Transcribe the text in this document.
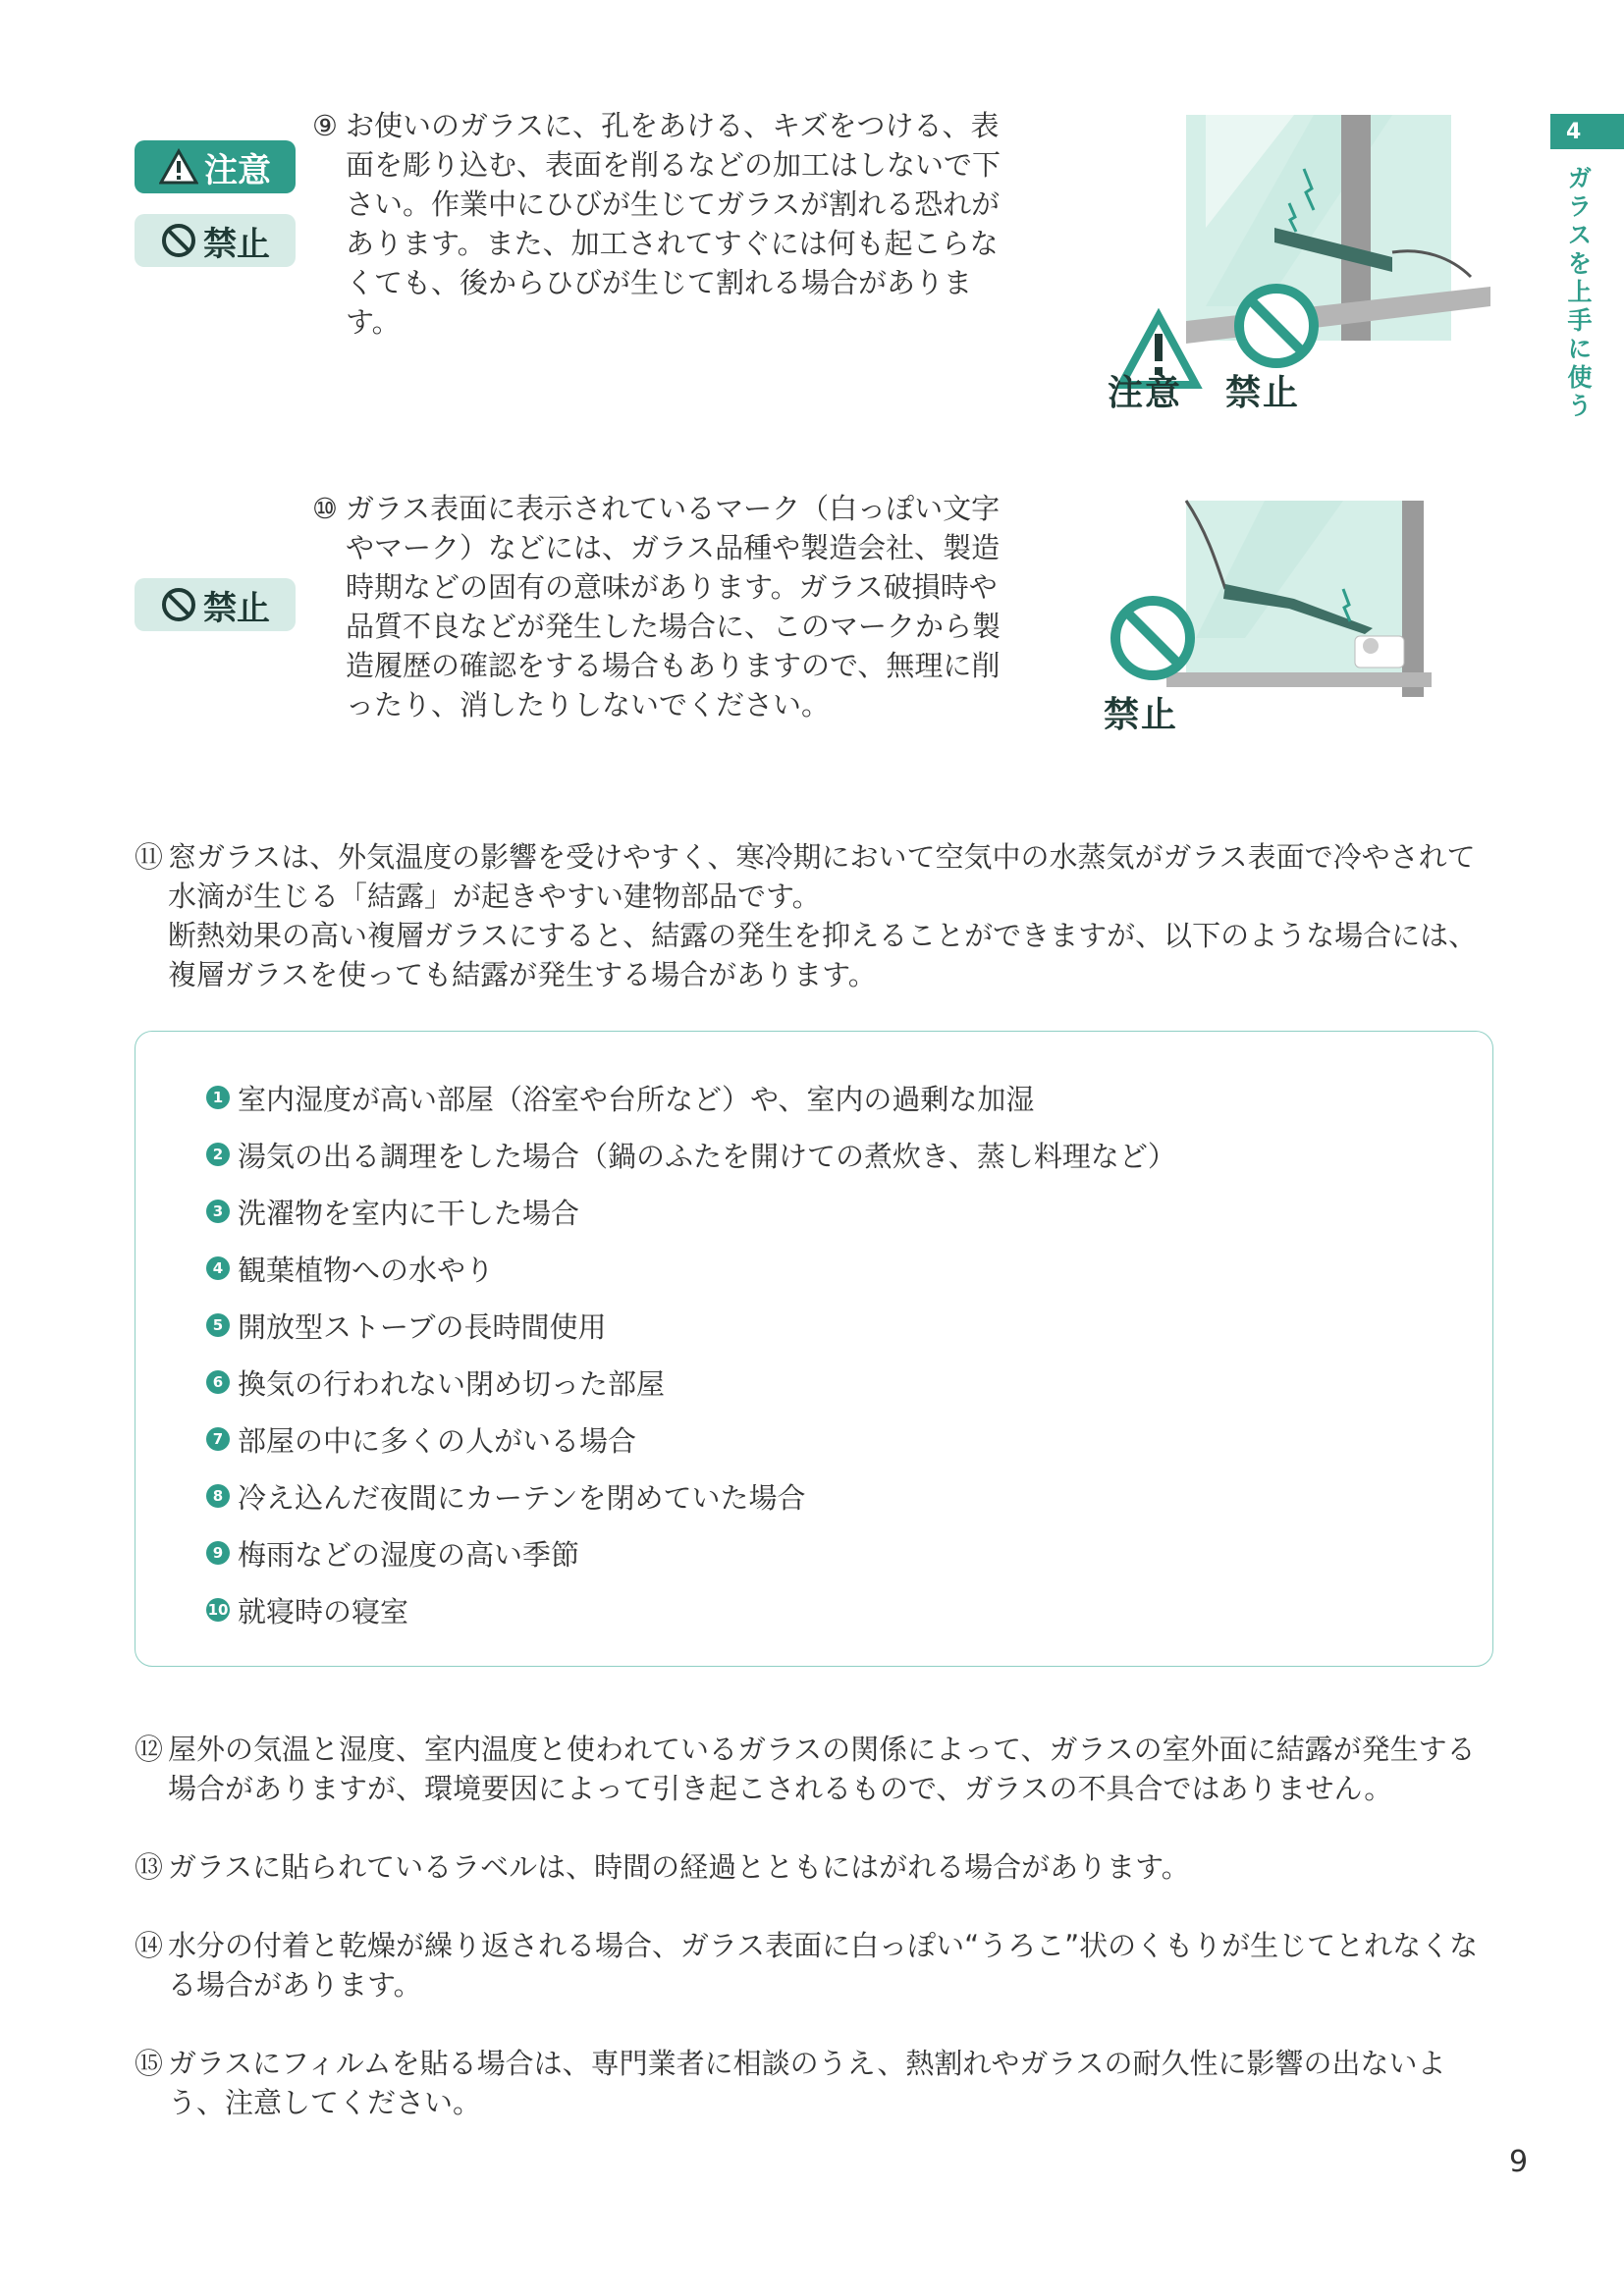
4
ガラスを上手に使う
注意
禁止
⑨ お使いのガラスに、孔をあける、キズをつける、表面を彫り込む、表面を削るなどの加工はしないで下さい。作業中にひびが生じてガラスが割れる恐れがあります。また、加工されてすぐには何も起こらなくても、後からひびが生じて割れる場合があります。
注意 禁止
禁止
⑩ ガラス表面に表示されているマーク（白っぽい文字やマーク）などには、ガラス品種や製造会社、製造時期などの固有の意味があります。ガラス破損時や品質不良などが発生した場合に、このマークから製造履歴の確認をする場合もありますので、無理に削ったり、消したりしないでください。	禁止
⑪ 窓ガラスは、外気温度の影響を受けやすく、寒冷期において空気中の水蒸気がガラス表面で冷やされて水滴が生じる「結露」が起きやすい建物部品です。
断熱効果の高い複層ガラスにすると、結露の発生を抑えることができますが、以下のような場合には、複層ガラスを使っても結露が発生する場合があります。
1 室内湿度が高い部屋（浴室や台所など）や、室内の過剰な加湿
2 湯気の出る調理をした場合（鍋のふたを開けての煮炊き、蒸し料理など）
3 洗濯物を室内に干した場合
4 観葉植物への水やり
5 開放型ストーブの長時間使用
6 換気の行われない閉め切った部屋
7 部屋の中に多くの人がいる場合
8 冷え込んだ夜間にカーテンを閉めていた場合
9 梅雨などの湿度の高い季節
10 就寝時の寝室
⑫ 屋外の気温と湿度、室内温度と使われているガラスの関係によって、ガラスの室外面に結露が発生する場合がありますが、環境要因によって引き起こされるもので、ガラスの不具合ではありません。
⑬ ガラスに貼られているラベルは、時間の経過とともにはがれる場合があります。
⑭ 水分の付着と乾燥が繰り返される場合、ガラス表面に白っぽい“うろこ”状のくもりが生じてとれなくなる場合があります。
⑮ ガラスにフィルムを貼る場合は、専門業者に相談のうえ、熱割れやガラスの耐久性に影響の出ないよう、注意してください。
9
